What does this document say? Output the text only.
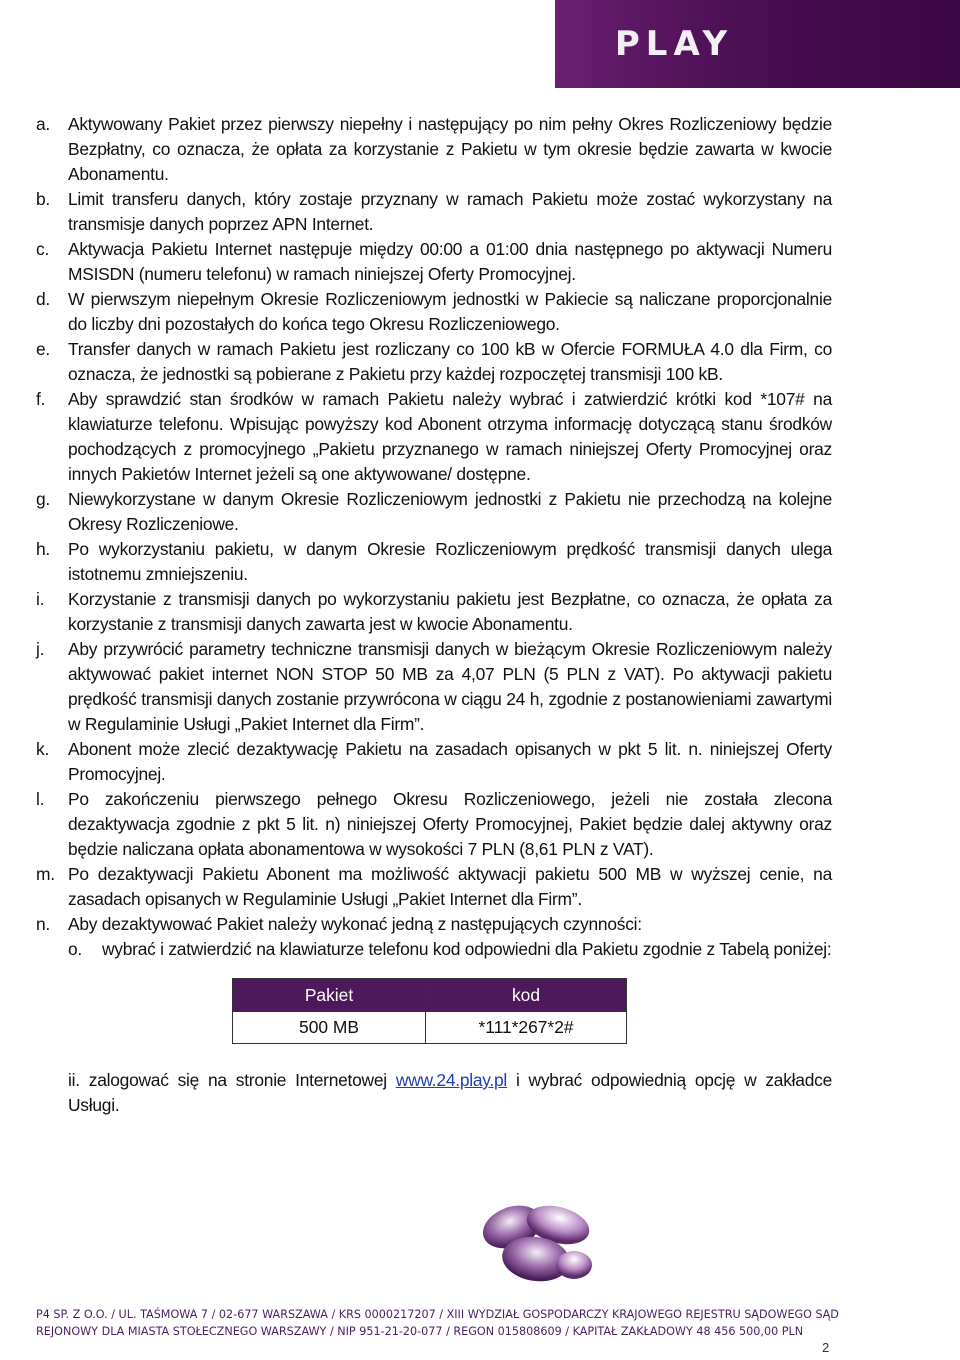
PLAY
a. Aktywowany Pakiet przez pierwszy niepełny i następujący po nim pełny Okres Rozliczeniowy będzie Bezpłatny, co oznacza, że opłata za korzystanie z Pakietu w tym okresie będzie zawarta w kwocie Abonamentu.
b. Limit transferu danych, który zostaje przyznany w ramach Pakietu może zostać wykorzystany na transmisje danych poprzez APN Internet.
c. Aktywacja Pakietu Internet następuje między 00:00 a 01:00 dnia następnego po aktywacji Numeru MSISDN (numeru telefonu) w ramach niniejszej Oferty Promocyjnej.
d. W pierwszym niepełnym Okresie Rozliczeniowym jednostki w Pakiecie są naliczane proporcjonalnie do liczby dni pozostałych do końca tego Okresu Rozliczeniowego.
e. Transfer danych w ramach Pakietu jest rozliczany co 100 kB w Ofercie FORMUŁA 4.0 dla Firm, co oznacza, że jednostki są pobierane z Pakietu przy każdej rozpoczętej transmisji 100 kB.
f. Aby sprawdzić stan środków w ramach Pakietu należy wybrać i zatwierdzić krótki kod *107# na klawiaturze telefonu. Wpisując powyższy kod Abonent otrzyma informację dotyczącą stanu środków pochodzących z promocyjnego „Pakietu przyznanego w ramach niniejszej Oferty Promocyjnej oraz innych Pakietów Internet jeżeli są one aktywowane/ dostępne.
g. Niewykorzystane w danym Okresie Rozliczeniowym jednostki z Pakietu nie przechodzą na kolejne Okresy Rozliczeniowe.
h. Po wykorzystaniu pakietu, w danym Okresie Rozliczeniowym prędkość transmisji danych ulega istotnemu zmniejszeniu.
i. Korzystanie z transmisji danych po wykorzystaniu pakietu jest Bezpłatne, co oznacza, że opłata za korzystanie z transmisji danych zawarta jest w kwocie Abonamentu.
j. Aby przywrócić parametry techniczne transmisji danych w bieżącym Okresie Rozliczeniowym należy aktywować pakiet internet NON STOP 50 MB za 4,07 PLN (5 PLN z VAT). Po aktywacji pakietu prędkość transmisji danych zostanie przywrócona w ciągu 24 h, zgodnie z postanowieniami zawartymi w Regulaminie Usługi „Pakiet Internet dla Firm”.
k. Abonent może zlecić dezaktywację Pakietu na zasadach opisanych w pkt 5 lit. n. niniejszej Oferty Promocyjnej.
l. Po zakończeniu pierwszego pełnego Okresu Rozliczeniowego, jeżeli nie została zlecona dezaktywacja zgodnie z pkt 5 lit. n) niniejszej Oferty Promocyjnej, Pakiet będzie dalej aktywny oraz będzie naliczana opłata abonamentowa w wysokości 7 PLN (8,61 PLN z VAT).
m. Po dezaktywacji Pakietu Abonent ma możliwość aktywacji pakietu 500 MB w wyższej cenie, na zasadach opisanych w Regulaminie Usługi „Pakiet Internet dla Firm”.
n. Aby dezaktywować Pakiet należy wykonać jedną z następujących czynności:
o. wybrać i zatwierdzić na klawiaturze telefonu kod odpowiedni dla Pakietu zgodnie z Tabelą poniżej:
Pakiet	kod
500 MB	*111*267*2#
ii. zalogować się na stronie Internetowej www.24.play.pl i wybrać odpowiednią opcję w zakładce Usługi.
P4 SP. Z O.O. / UL. TAŚMOWA 7 / 02-677 WARSZAWA / KRS 0000217207 / XIII WYDZIAŁ GOSPODARCZY KRAJOWEGO REJESTRU SĄDOWEGO SĄD
REJONOWY DLA MIASTA STOŁECZNEGO WARSZAWY / NIP 951-21-20-077 / REGON 015808609 / KAPITAŁ ZAKŁADOWY 48 456 500,00 PLN
2
